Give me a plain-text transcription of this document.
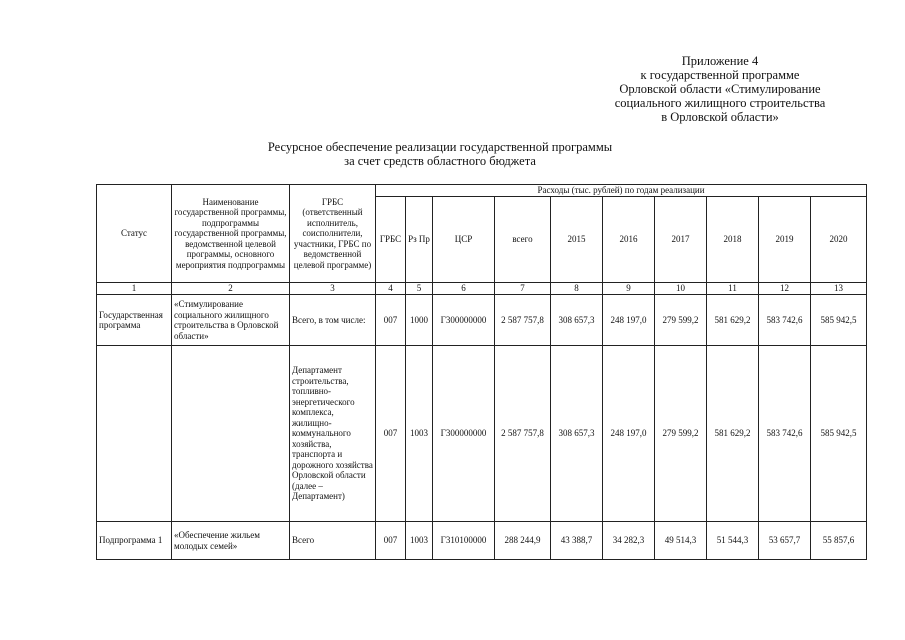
Приложение 4
к государственной программе
Орловской области «Стимулирование
социального жилищного строительства
в Орловской области»
Ресурсное обеспечение реализации государственной программы
за счет средств областного бюджета
Статус	Наименование государственной программы, подпрограммы государственной программы, ведомственной целевой программы, основного мероприятия подпрограммы	ГРБС (ответственный исполнитель, соисполнители, участники, ГРБС по ведомственной целевой программе)	Расходы (тыс. рублей) по годам реализации									
			ГРБС	Рз Пр	ЦСР	всего	2015	2016	2017	2018	2019	2020
1	2	3	4	5	6	7	8	9	10	11	12	13
Государственная программа	«Стимулирование социального жилищного строительства в Орловской области»	Всего, в том числе:	007	1000	Г300000000	2 587 757,8	308 657,3	248 197,0	279 599,2	581 629,2	583 742,6	585 942,5
		Департамент строительства, топливно-энергетического комплекса, жилищно-коммунального хозяйства, транспорта и дорожного хозяйства Орловской области (далее – Департамент)	007	1003	Г300000000	2 587 757,8	308 657,3	248 197,0	279 599,2	581 629,2	583 742,6	585 942,5
Подпрограмма 1	«Обеспечение жильем молодых семей»	Всего	007	1003	Г310100000	288 244,9	43 388,7	34 282,3	49 514,3	51 544,3	53 657,7	55 857,6
